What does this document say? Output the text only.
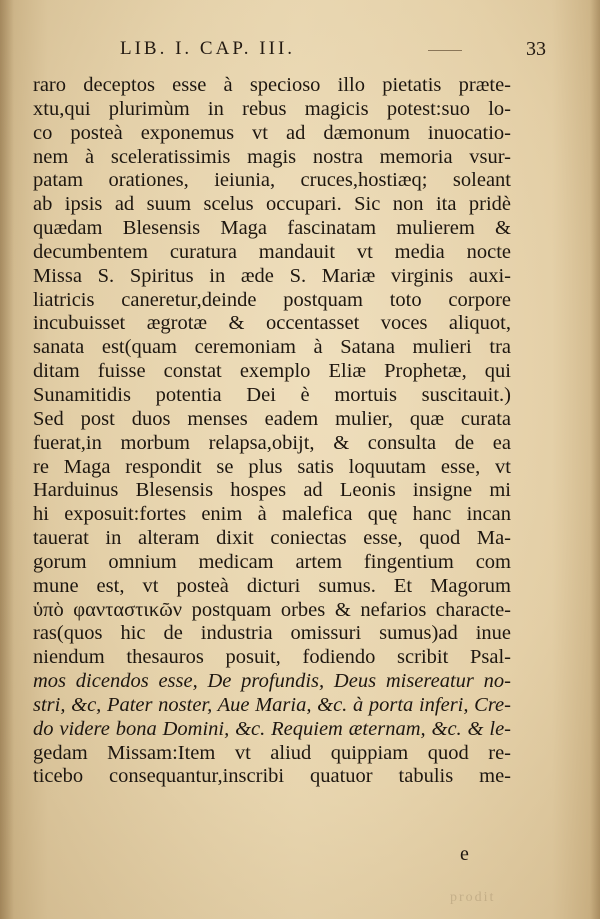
LIB. I. CAP. III.	33
raro deceptos esse à specioso illo pietatis præte-
xtu,qui plurimùm in rebus magicis potest:suo lo-
co posteà exponemus vt ad dæmonum inuocatio-
nem à sceleratissimis magis nostra memoria vsur-
patam orationes, ieiunia, cruces,hostiæq; soleant
ab ipsis ad suum scelus occupari. Sic non ita pridè
quædam Blesensis Maga fascinatam mulierem &
decumbentem curatura mandauit vt media nocte
Missa S. Spiritus in æde S. Mariæ virginis auxi-
liatricis caneretur,deinde postquam toto corpore
incubuisset ægrotæ & occentasset voces aliquot,
sanata est(quam ceremoniam à Satana mulieri tra
ditam fuisse constat exemplo Eliæ Prophetæ, qui
Sunamitidis potentia Dei è mortuis suscitauit.)
Sed post duos menses eadem mulier, quæ curata
fuerat,in morbum relapsa,obijt, & consulta de ea
re Maga respondit se plus satis loquutam esse, vt
Harduinus Blesensis hospes ad Leonis insigne mi
hi exposuit:fortes enim à malefica quę hanc incan
tauerat in alteram dixit coniectas esse, quod Ma-
gorum omnium medicam artem fingentium com
mune est, vt posteà dicturi sumus. Et Magorum
ὑπὸ φανταστικῶν postquam orbes & nefarios characte-
ras(quos hic de industria omissuri sumus)ad inue
niendum thesauros posuit, fodiendo scribit Psal-
mos dicendos esse, De profundis, Deus misereatur no-
stri, &c, Pater noster, Aue Maria, &c. à porta inferi, Cre-
do videre bona Domini, &c. Requiem æternam, &c. & le-
gedam Missam:Item vt aliud quippiam quod re-
ticebo consequantur,inscribi quatuor tabulis me-
e
prodit
